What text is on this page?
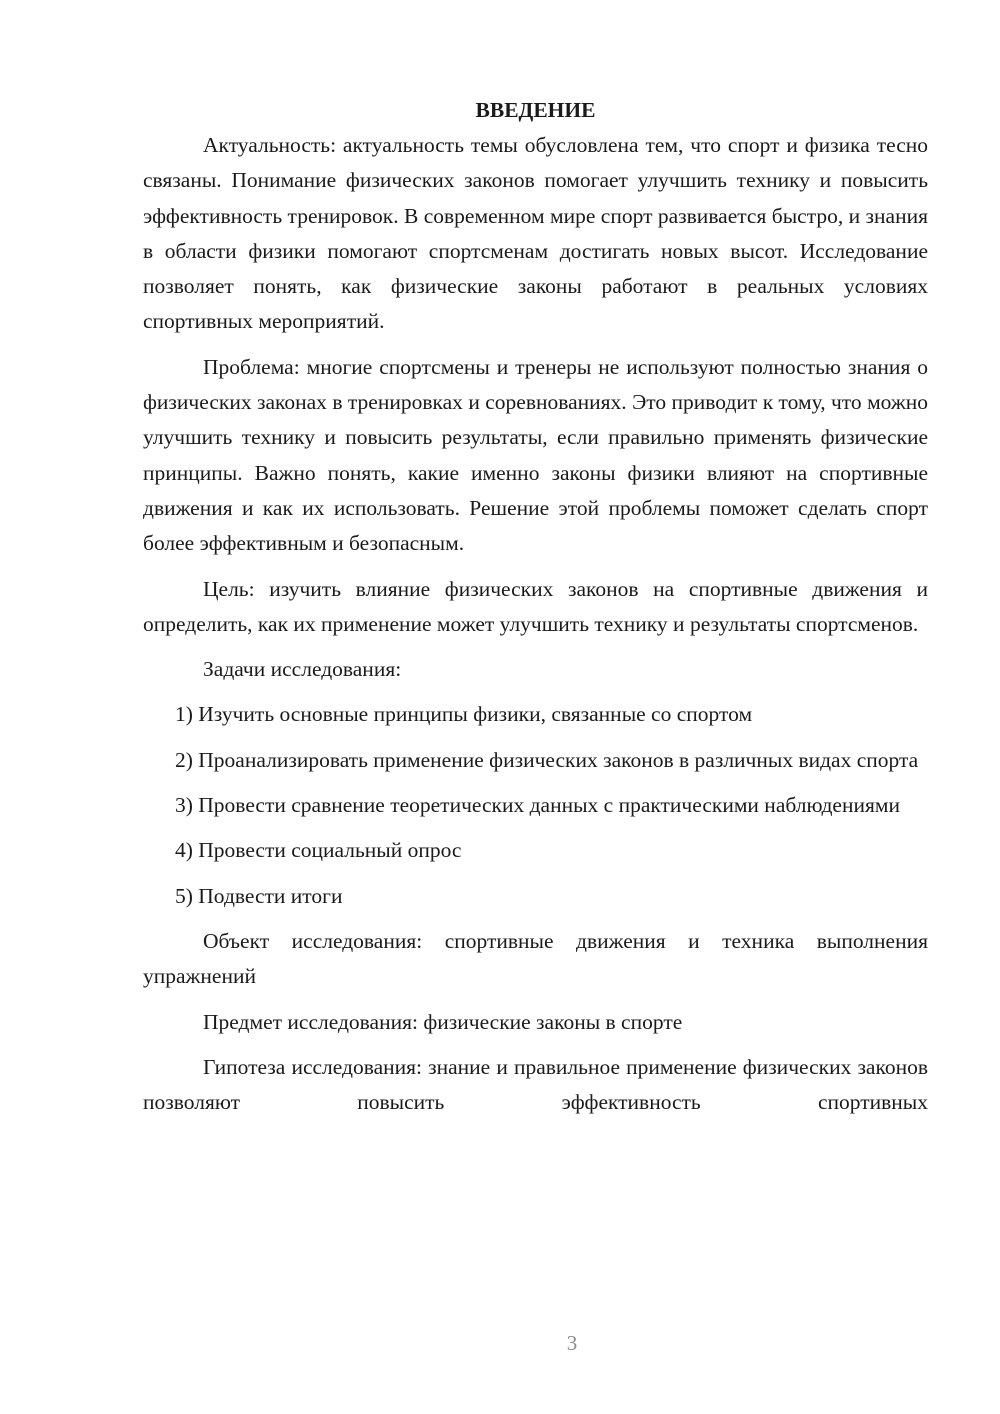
ВВЕДЕНИЕ

Актуальность: актуальность темы обусловлена тем, что спорт и физика тесно связаны. Понимание физических законов помогает улучшить технику и повысить эффективность тренировок. В современном мире спорт развивается быстро, и знания в области физики помогают спортсменам достигать новых высот. Исследование позволяет понять, как физические законы работают в реальных условиях спортивных мероприятий.

Проблема: многие спортсмены и тренеры не используют полностью знания о физических законах в тренировках и соревнованиях. Это приводит к тому, что можно улучшить технику и повысить результаты, если правильно применять физические принципы. Важно понять, какие именно законы физики влияют на спортивные движения и как их использовать. Решение этой проблемы поможет сделать спорт более эффективным и безопасным.

Цель: изучить влияние физических законов на спортивные движения и определить, как их применение может улучшить технику и результаты спортсменов.

Задачи исследования:

1) Изучить основные принципы физики, связанные со спортом

2) Проанализировать применение физических законов в различных видах спорта

3) Провести сравнение теоретических данных с практическими наблюдениями

4) Провести социальный опрос

5) Подвести итоги

Объект исследования: спортивные движения и техника выполнения упражнений

Предмет исследования: физические законы в спорте

Гипотеза исследования: знание и правильное применение физических законов позволяют повысить эффективность спортивных

3
